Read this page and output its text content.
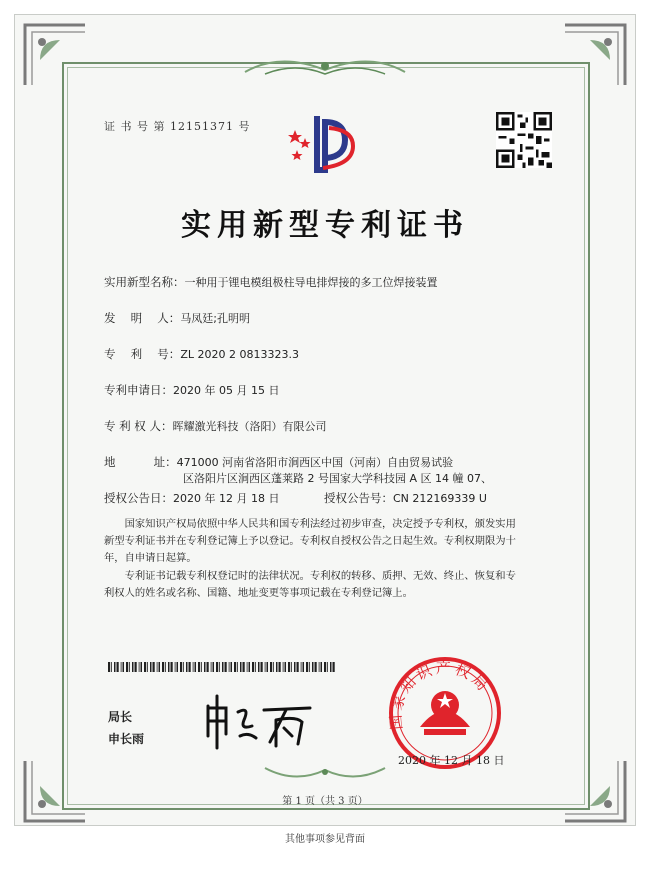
证 书 号 第 12151371 号
实用新型专利证书
实用新型名称：一种用于锂电模组极柱导电排焊接的多工位焊接装置
发　 明　 人：马凤廷;孔明明
专　 利　 号：ZL 2020 2 0813323.3
专利申请日：2020 年 05 月 15 日
专 利 权 人：晖耀激光科技（洛阳）有限公司
地　　　 址：471000 河南省洛阳市涧西区中国（河南）自由贸易试验
区洛阳片区涧西区蓬莱路 2 号国家大学科技园 A 区 14 幢 07、
授权公告日：2020 年 12 月 18 日	授权公告号：CN 212169339 U
　　国家知识产权局依照中华人民共和国专利法经过初步审查，决定授予专利权，颁发实用
新型专利证书并在专利登记簿上予以登记。专利权自授权公告之日起生效。专利权期限为十
年，自申请日起算。
　　专利证书记载专利权登记时的法律状况。专利权的转移、质押、无效、终止、恢复和专
利权人的姓名或名称、国籍、地址变更等事项记载在专利登记簿上。
局长
申长雨
国家知识产权局
2020 年 12 月 18 日
第 1 页（共 3 页）
其他事项参见背面
